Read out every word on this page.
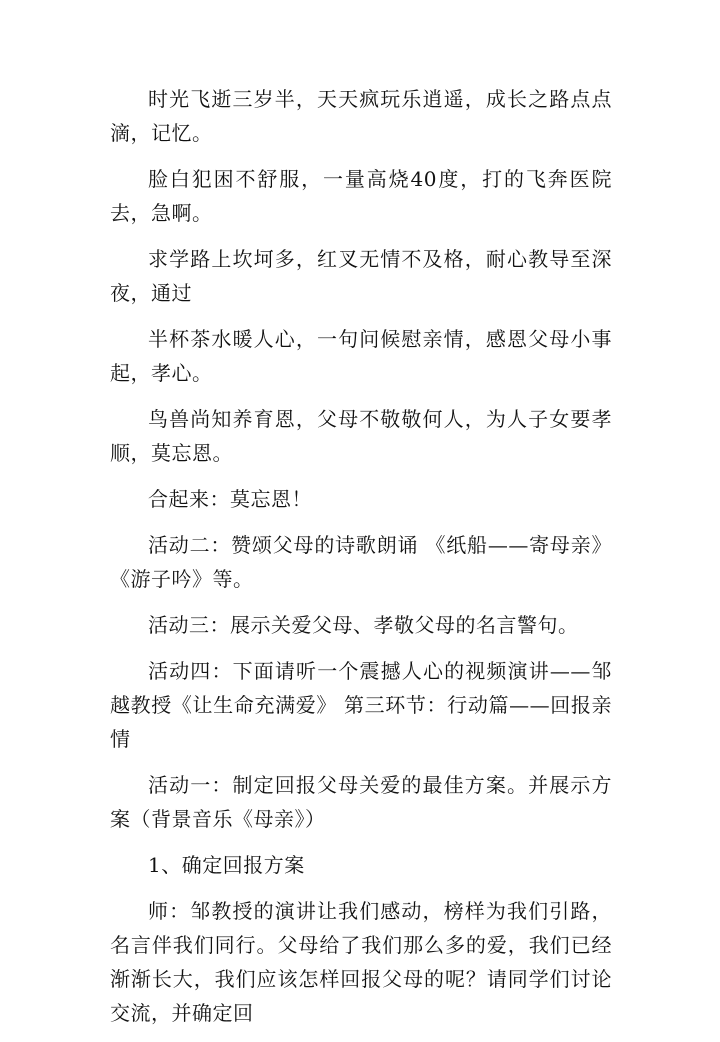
时光飞逝三岁半，天天疯玩乐逍遥，成长之路点点滴，记忆。

脸白犯困不舒服，一量高烧40度，打的飞奔医院去，急啊。

求学路上坎坷多，红叉无情不及格，耐心教导至深夜，通过

半杯茶水暖人心，一句问候慰亲情，感恩父母小事起，孝心。

鸟兽尚知养育恩，父母不敬敬何人，为人子女要孝顺，莫忘恩。

合起来：莫忘恩！

活动二：赞颂父母的诗歌朗诵 《纸船——寄母亲》《游子吟》等。

活动三：展示关爱父母、孝敬父母的名言警句。

活动四：下面请听一个震撼人心的视频演讲——邹越教授《让生命充满爱》 第三环节：行动篇——回报亲情

活动一：制定回报父母关爱的最佳方案。并展示方案（背景音乐《母亲》）

1、确定回报方案

师：邹教授的演讲让我们感动，榜样为我们引路，名言伴我们同行。父母给了我们那么多的爱，我们已经渐渐长大，我们应该怎样回报父母的呢？请同学们讨论交流，并确定回
